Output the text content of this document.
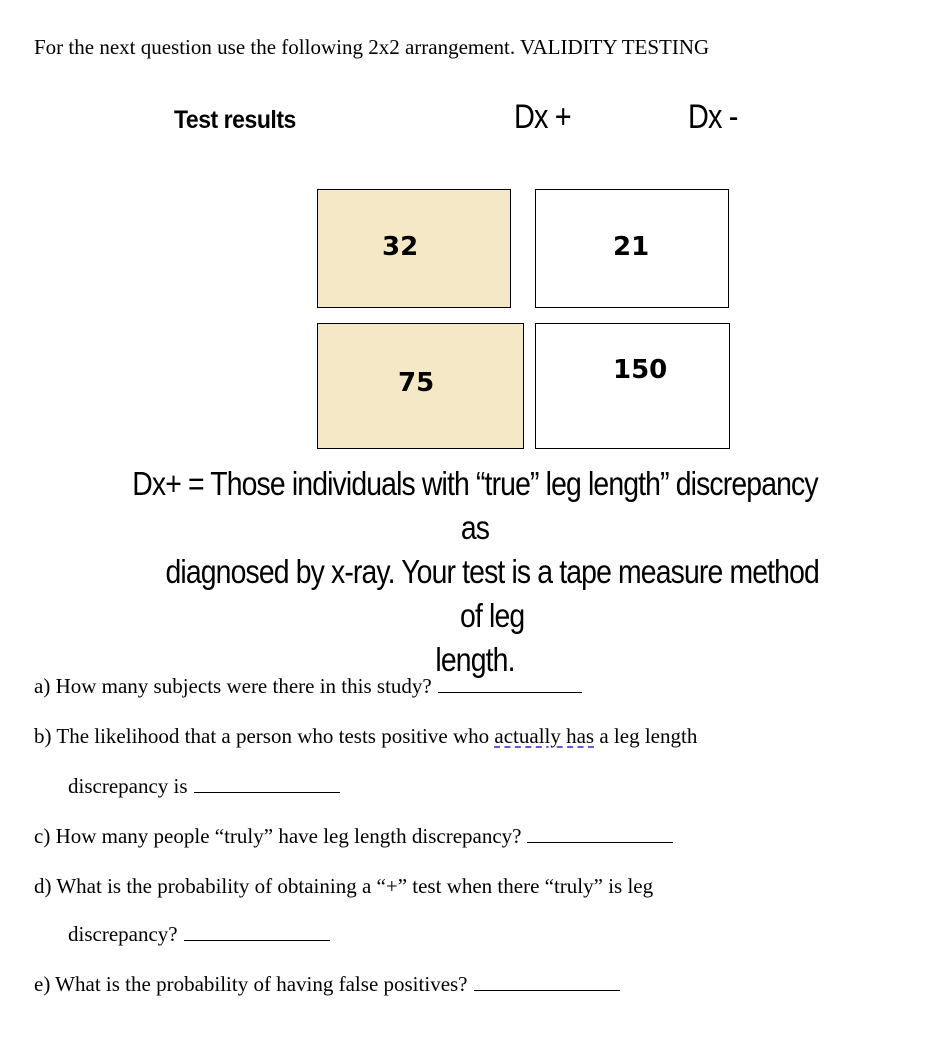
For the next question use the following 2x2 arrangement. VALIDITY TESTING
Test results	Dx +	Dx -
32	21
75	150
Dx+ = Those individuals with “true” leg length” discrepancy as
diagnosed by x-ray. Your test is a tape measure method of leg
length.
a) How many subjects were there in this study?
b) The likelihood that a person who tests positive who actually has a leg length
discrepancy is
c) How many people “truly” have leg length discrepancy?
d) What is the probability of obtaining a “+” test when there “truly” is leg
discrepancy?
e) What is the probability of having false positives?
